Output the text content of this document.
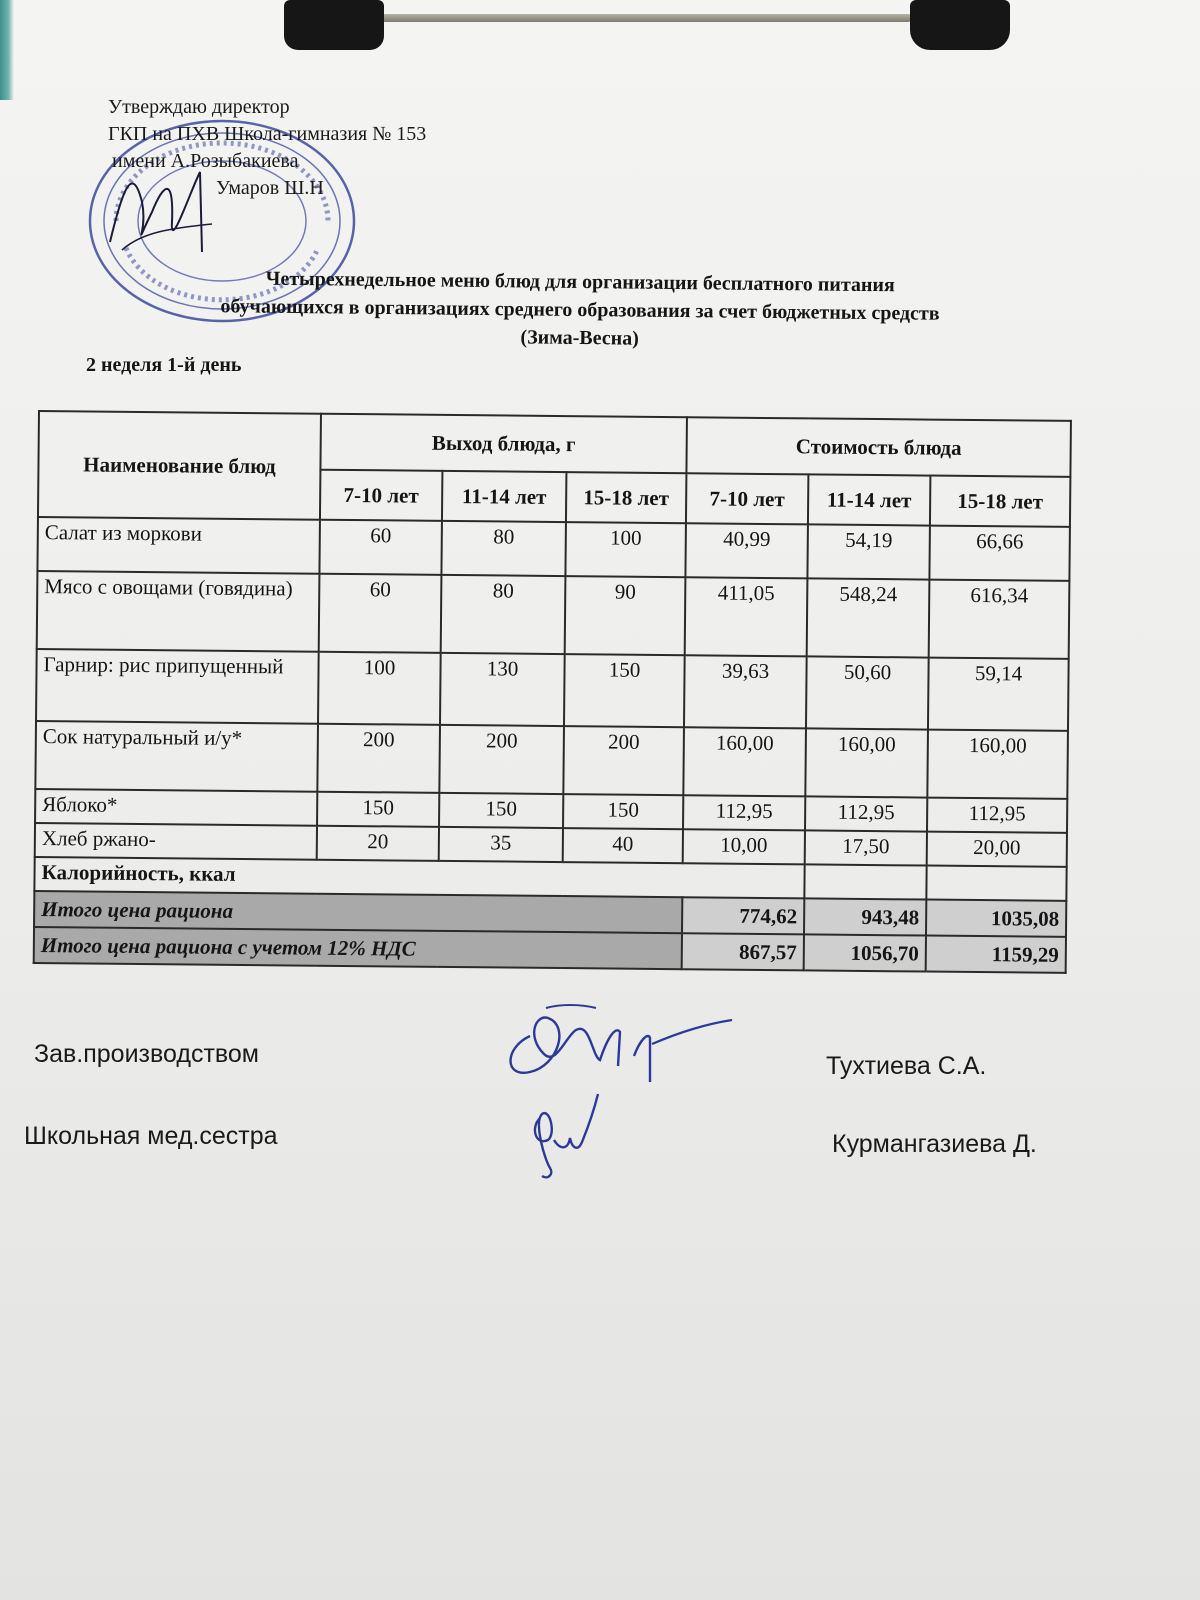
Утверждаю директор
ГКП на ПХВ Школа-гимназия № 153
имени А.Розыбакиева
Умаров Ш.Н
Четырехнедельное меню блюд для организации бесплатного питания
обучающихся в организациях среднего образования за счет бюджетных средств
(Зима-Весна)
2 неделя 1-й день
Наименование блюд	Выход блюда, г			Стоимость блюда		
	7-10 лет	11-14 лет	15-18 лет	7-10 лет	11-14 лет	15-18 лет
Салат из моркови	60	80	100	40,99	54,19	66,66
Мясо с овощами (говядина)	60	80	90	411,05	548,24	616,34
Гарнир: рис припущенный	100	130	150	39,63	50,60	59,14
Сок натуральный и/у*	200	200	200	160,00	160,00	160,00
Яблоко*	150	150	150	112,95	112,95	112,95
Хлеб ржано-	20	35	40	10,00	17,50	20,00
Калорийность, ккал						
Итого цена рациона				774,62	943,48	1035,08
Итого цена рациона с учетом 12% НДС				867,57	1056,70	1159,29
Зав.производством	Тухтиева С.А.
Школьная мед.сестра	Курмангазиева Д.
